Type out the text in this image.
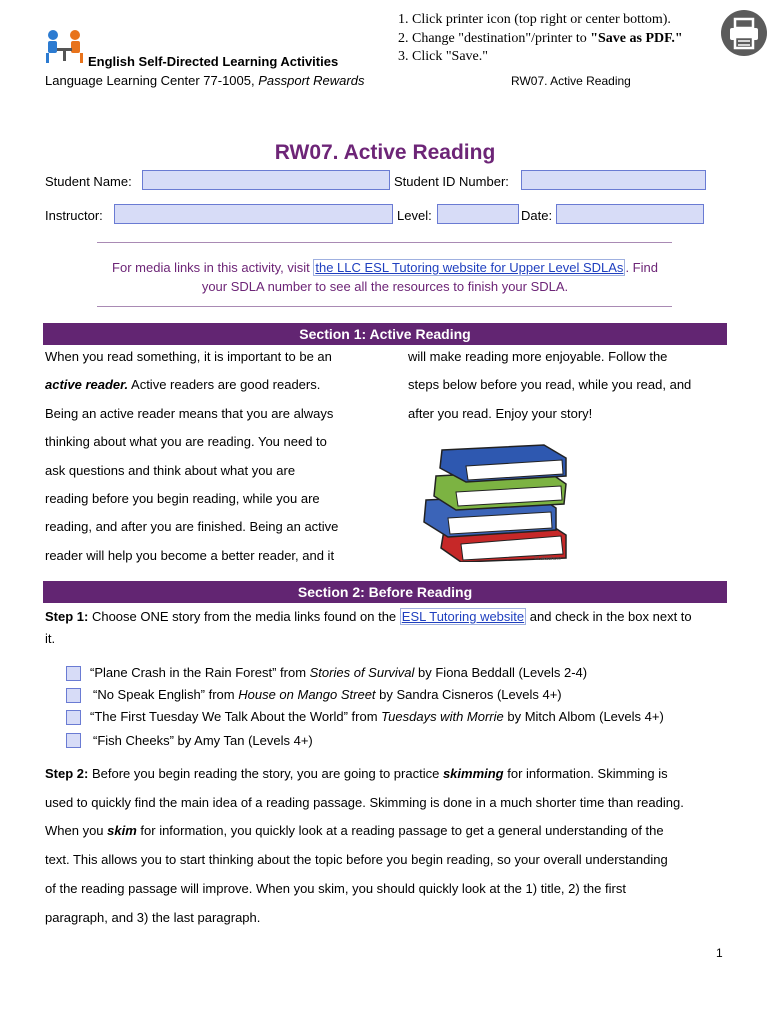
English Self-Directed Learning Activities
Language Learning Center 77-1005, Passport Rewards
1. Click printer icon (top right or center bottom).
2. Change "destination"/printer to "Save as PDF."
3. Click "Save."
RW07. Active Reading
RW07. Active Reading
Student Name:	Student ID Number:
Instructor:	Level:	Date:
For media links in this activity, visit the LLC ESL Tutoring website for Upper Level SDLAs . Find
your SDLA number to see all the resources to finish your SDLA.
Section 1: Active Reading
When you read something, it is important to be an
active reader. Active readers are good readers.
Being an active reader means that you are always
thinking about what you are reading. You need to
ask questions and think about what you are
reading before you begin reading, while you are
reading, and after you are finished. Being an active
reader will help you become a better reader, and it
will make reading more enjoyable. Follow the
steps below before you read, while you read, and
after you read. Enjoy your story!
©Lakeshore
Section 2: Before Reading
Step 1: Choose ONE story from the media links found on the ESL Tutoring website and check in the box next to
it.
“Plane Crash in the Rain Forest” from Stories of Survival by Fiona Beddall (Levels 2-4)
“No Speak English” from House on Mango Street by Sandra Cisneros (Levels 4+)
“The First Tuesday We Talk About the World” from Tuesdays with Morrie by Mitch Albom (Levels 4+)
“Fish Cheeks” by Amy Tan (Levels 4+)
Step 2: Before you begin reading the story, you are going to practice skimming for information. Skimming is
used to quickly find the main idea of a reading passage. Skimming is done in a much shorter time than reading.
When you skim for information, you quickly look at a reading passage to get a general understanding of the
text. This allows you to start thinking about the topic before you begin reading, so your overall understanding
of the reading passage will improve. When you skim, you should quickly look at the 1) title, 2) the first
paragraph, and 3) the last paragraph.
1
